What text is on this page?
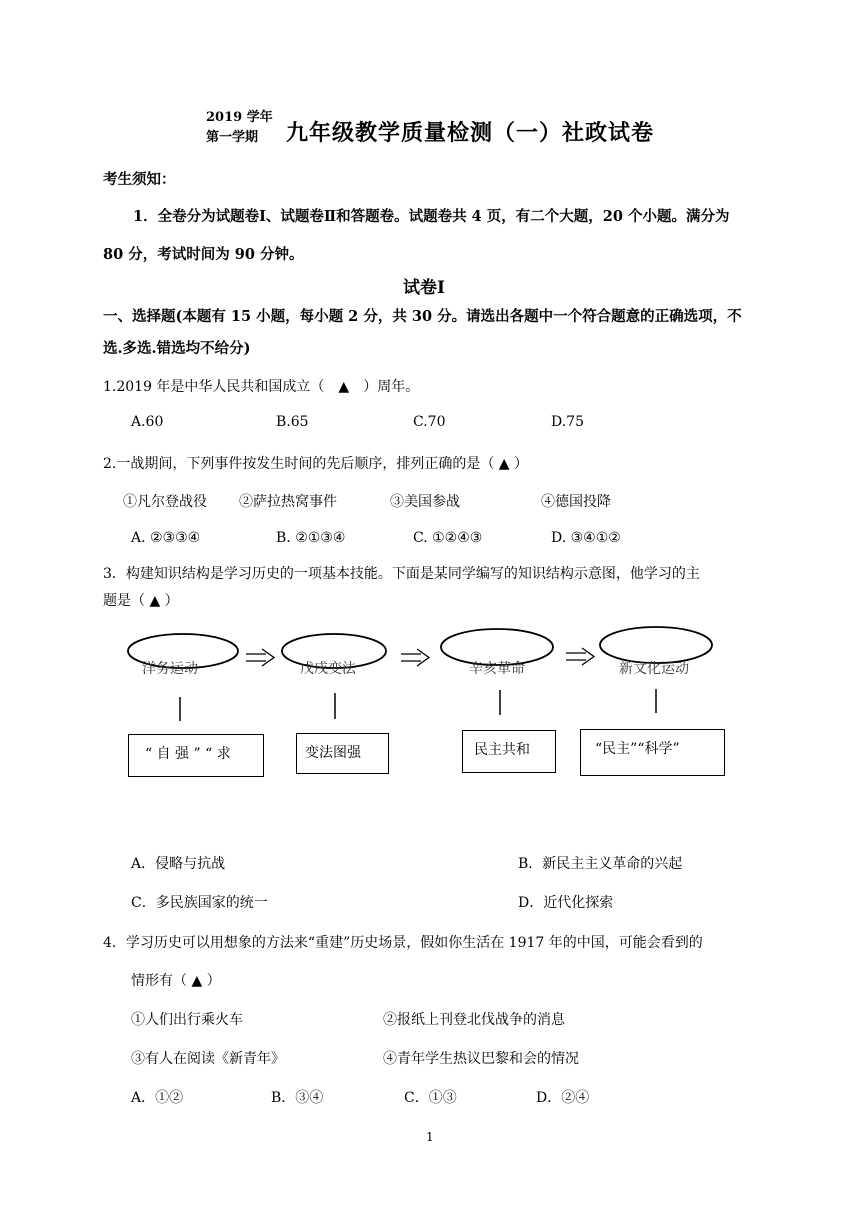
2019 学年
第一学期 九年级教学质量检测（一）社政试卷
考生须知：
1．全卷分为试题卷Ⅰ、试题卷Ⅱ和答题卷。试题卷共 4 页，有二个大题，20 个小题。满分为
80 分，考试时间为 90 分钟。
试卷Ⅰ
一、选择题(本题有 15 小题，每小题 2 分，共 30 分。请选出各题中一个符合题意的正确选项，不
选.多选.错选均不给分)
1.2019 年是中华人民共和国成立（　▲　）周年。
A.60	B.65	C.70	D.75
2.一战期间，下列事件按发生时间的先后顺序，排列正确的是（ ▲ ）
①凡尔登战役 ②萨拉热窝事件	③美国参战	④德国投降
A. ②③③④	B. ②①③④	C. ①②④③	D. ③④①②
3．构建知识结构是学习历史的一项基本技能。下面是某同学编写的知识结构示意图，他学习的主
题是（ ▲ ）
洋务运动	戊戌变法	辛亥革命	新文化运动
“ 自 强 ” “ 求	变法图强	民主共和	“民主”“科学”
A．侵略与抗战	B．新民主主义革命的兴起
C．多民族国家的统一	D．近代化探索
4．学习历史可以用想象的方法来“重建”历史场景，假如你生活在 1917 年的中国，可能会看到的
情形有（ ▲ ）
①人们出行乘火车	②报纸上刊登北伐战争的消息
③有人在阅读《新青年》	④青年学生热议巴黎和会的情况
A．①②	B．③④	C．①③	D．②④
1
